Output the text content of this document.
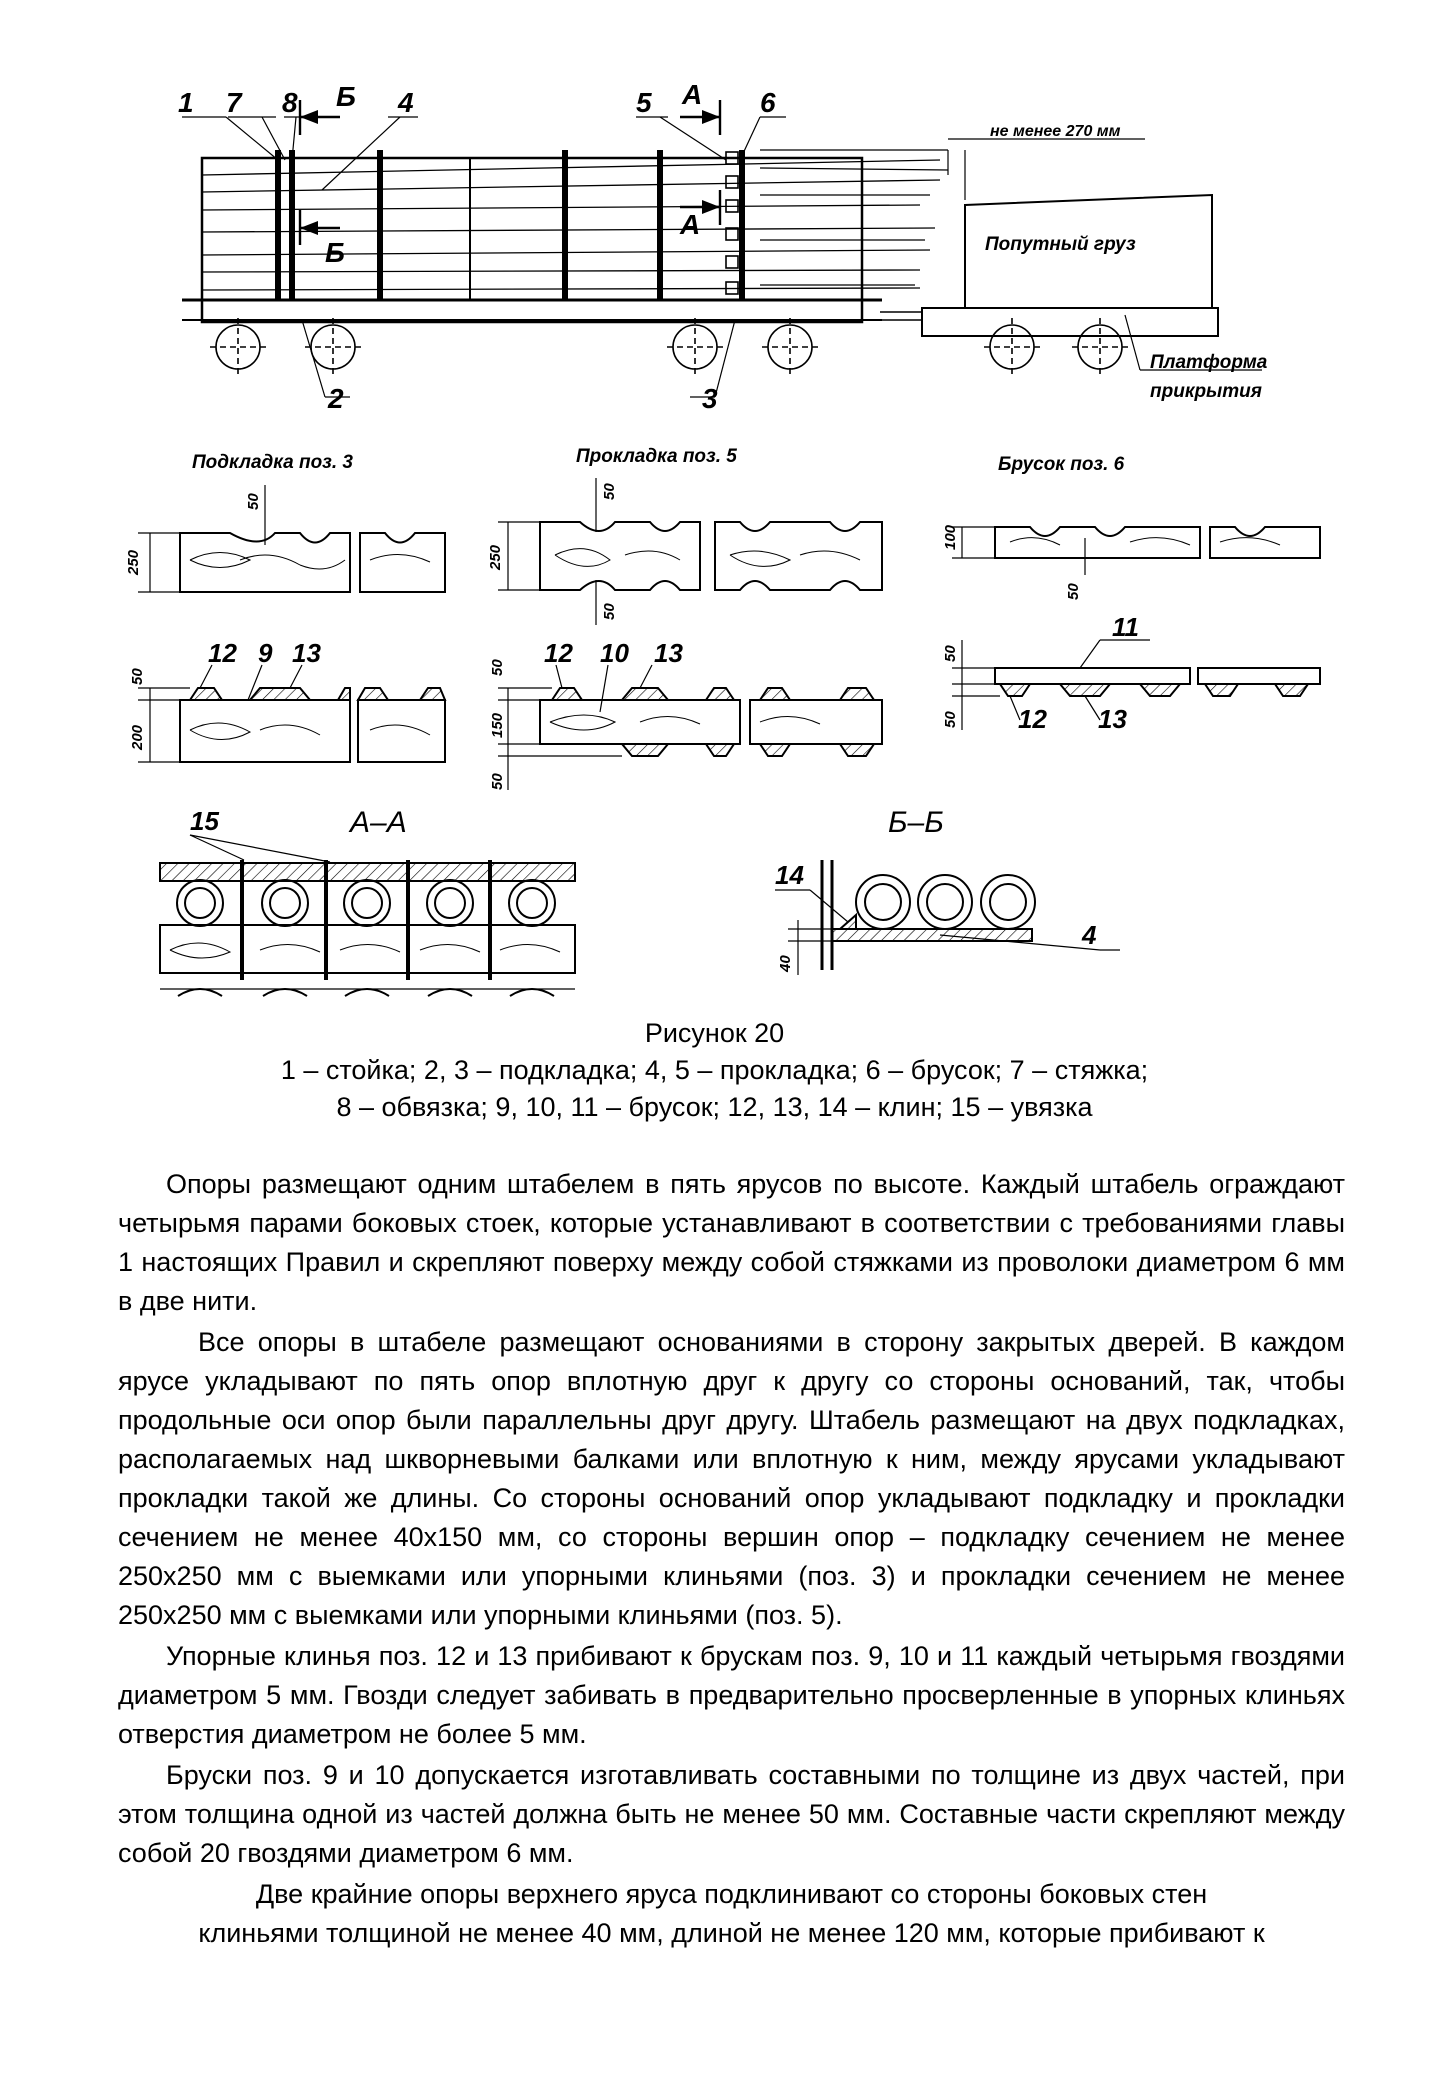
1 7 8 Б 4	5 А 6
Б
А
2	3
не менее 270 мм
Попутный груз
Платформа
прикрытия
Подкладка поз. 3	Прокладка поз. 5	Брусок поз. 6
250
50
250
50
50
100
50
50
200
12 9 13	50
150
50
12 10 13	50
50
11
12 13
15	А–А
14
4
40
Б–Б
Рисунок 20
1 – стойка; 2, 3 – подкладка; 4, 5 – прокладка; 6 – брусок; 7 – стяжка;
8 – обвязка; 9, 10, 11 – брусок; 12, 13, 14 – клин; 15 – увязка

Опоры размещают одним штабелем в пять ярусов по высоте. Каждый штабель ограждают четырьмя парами боковых стоек, которые устанавливают в соответствии с требованиями главы 1 настоящих Правил и скрепляют поверху между собой стяжками из проволоки диаметром 6 мм в две нити.

Все опоры в штабеле размещают основаниями в сторону закрытых дверей. В каждом ярусе укладывают по пять опор вплотную друг к другу со стороны оснований, так, чтобы продольные оси опор были параллельны друг другу. Штабель размещают на двух подкладках, располагаемых над шкворневыми балками или вплотную к ним, между ярусами укладывают прокладки такой же длины. Со стороны оснований опор укладывают подкладку и прокладки сечением не менее 40х150 мм, со стороны вершин опор – подкладку сечением не менее 250х250 мм с выемками или упорными клиньями (поз. 3) и прокладки сечением не менее 250х250 мм с выемками или упорными клиньями (поз. 5).

Упорные клинья поз. 12 и 13 прибивают к брускам поз. 9, 10 и 11 каждый четырьмя гвоздями диаметром 5 мм. Гвозди следует забивать в предварительно просверленные в упорных клиньях отверстия диаметром не более 5 мм.

Бруски поз. 9 и 10 допускается изготавливать составными по толщине из двух частей, при этом толщина одной из частей должна быть не менее 50 мм. Составные части скрепляют между собой 20 гвоздями диаметром 6 мм.

Две крайние опоры верхнего яруса подклинивают со стороны боковых стен

клиньями толщиной не менее 40 мм, длиной не менее 120 мм, которые прибивают к
